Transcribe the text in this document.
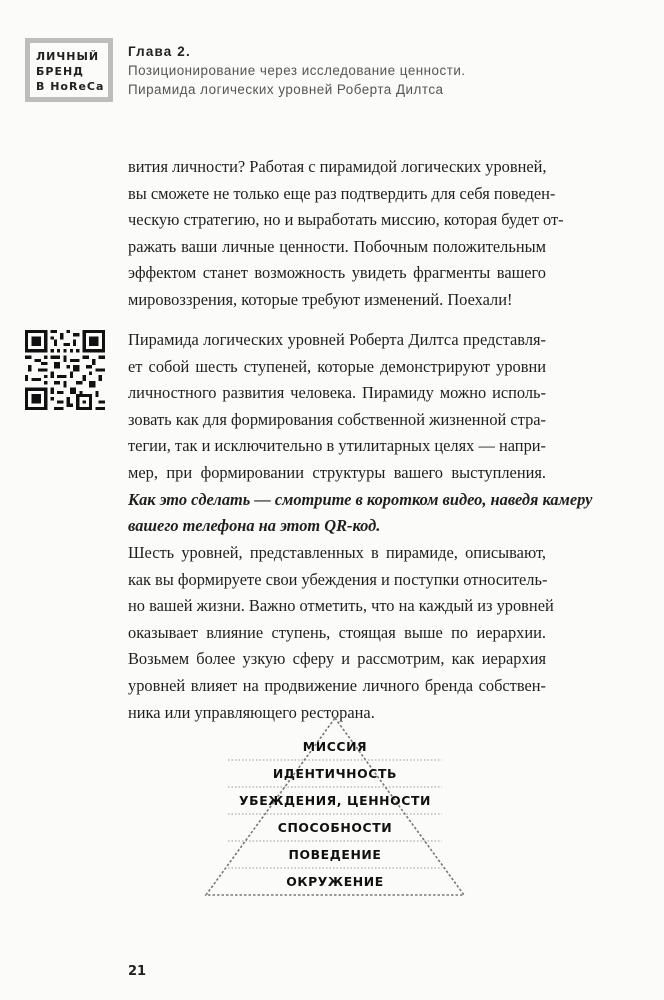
ЛИЧНЫЙ
БРЕНД
В HoReCa
Глава 2.
Позиционирование через исследование ценности.
Пирамида логических уровней Роберта Дилтса
вития личности? Работая с пирамидой логических уровней,
вы сможете не только еще раз подтвердить для себя поведен-
ческую стратегию, но и выработать миссию, которая будет от-
ражать ваши личные ценности. Побочным положительным
эффектом станет возможность увидеть фрагменты вашего
мировоззрения, которые требуют изменений. Поехали!
Пирамида логических уровней Роберта Дилтса представля-
ет собой шесть ступеней, которые демонстрируют уровни
личностного развития человека. Пирамиду можно исполь-
зовать как для формирования собственной жизненной стра-
тегии, так и исключительно в утилитарных целях — напри-
мер, при формировании структуры вашего выступления.
Как это сделать — смотрите в коротком видео, наведя камеру
вашего телефона на этот QR-код.
Шесть уровней, представленных в пирамиде, описывают,
как вы формируете свои убеждения и поступки относитель-
но вашей жизни. Важно отметить, что на каждый из уровней
оказывает влияние ступень, стоящая выше по иерархии.
Возьмем более узкую сферу и рассмотрим, как иерархия
уровней влияет на продвижение личного бренда собствен-
ника или управляющего ресторана.
МИССИЯ
ИДЕНТИЧНОСТЬ
УБЕЖДЕНИЯ, ЦЕННОСТИ
СПОСОБНОСТИ
ПОВЕДЕНИЕ
ОКРУЖЕНИЕ
21
